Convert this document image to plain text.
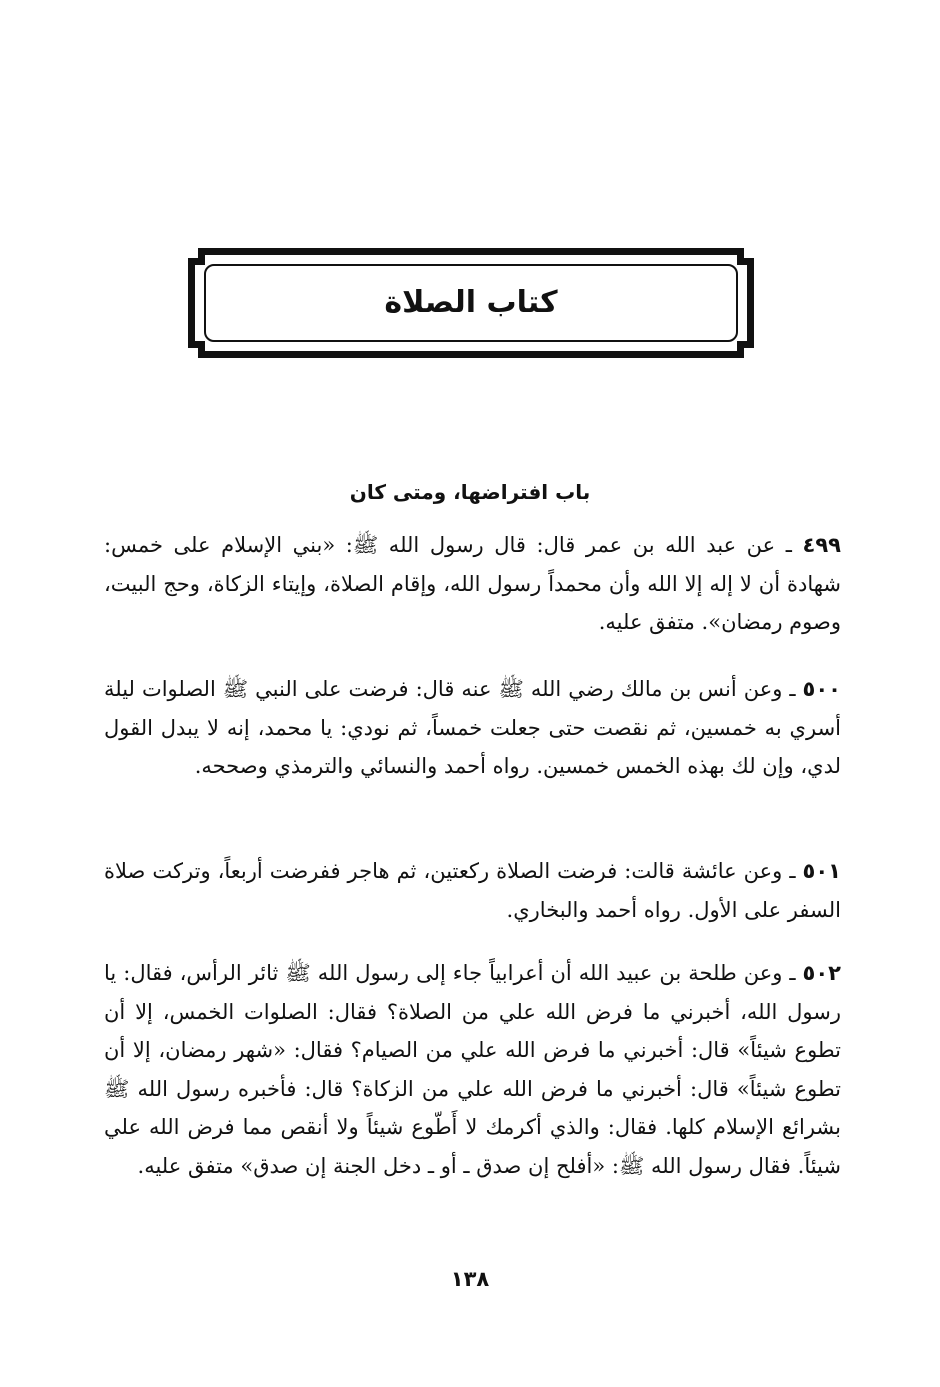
كتاب الصلاة
باب افتراضها، ومتى كان

٤٩٩ ـ عن عبد الله بن عمر قال: قال رسول الله ﷺ: «بني الإسلام على خمس: شهادة أن لا إله إلا الله وأن محمداً رسول الله، وإقام الصلاة، وإيتاء الزكاة، وحج البيت، وصوم رمضان». متفق عليه.

٥٠٠ ـ وعن أنس بن مالك رضي الله ﷺ عنه قال: فرضت على النبي ﷺ الصلوات ليلة أسري به خمسين، ثم نقصت حتى جعلت خمساً، ثم نودي: يا محمد، إنه لا يبدل القول لدي، وإن لك بهذه الخمس خمسين. رواه أحمد والنسائي والترمذي وصححه.

٥٠١ ـ وعن عائشة قالت: فرضت الصلاة ركعتين، ثم هاجر ففرضت أربعاً، وتركت صلاة السفر على الأول. رواه أحمد والبخاري.

٥٠٢ ـ وعن طلحة بن عبيد الله أن أعرابياً جاء إلى رسول الله ﷺ ثائر الرأس، فقال: يا رسول الله، أخبرني ما فرض الله علي من الصلاة؟ فقال: الصلوات الخمس، إلا أن تطوع شيئاً» قال: أخبرني ما فرض الله علي من الصيام؟ فقال: «شهر رمضان، إلا أن تطوع شيئاً» قال: أخبرني ما فرض الله علي من الزكاة؟ قال: فأخبره رسول الله ﷺ بشرائع الإسلام كلها. فقال: والذي أكرمك لا أَطّوع شيئاً ولا أنقص مما فرض الله علي شيئاً. فقال رسول الله ﷺ: «أفلح إن صدق ـ أو ـ دخل الجنة إن صدق» متفق عليه.

١٣٨
